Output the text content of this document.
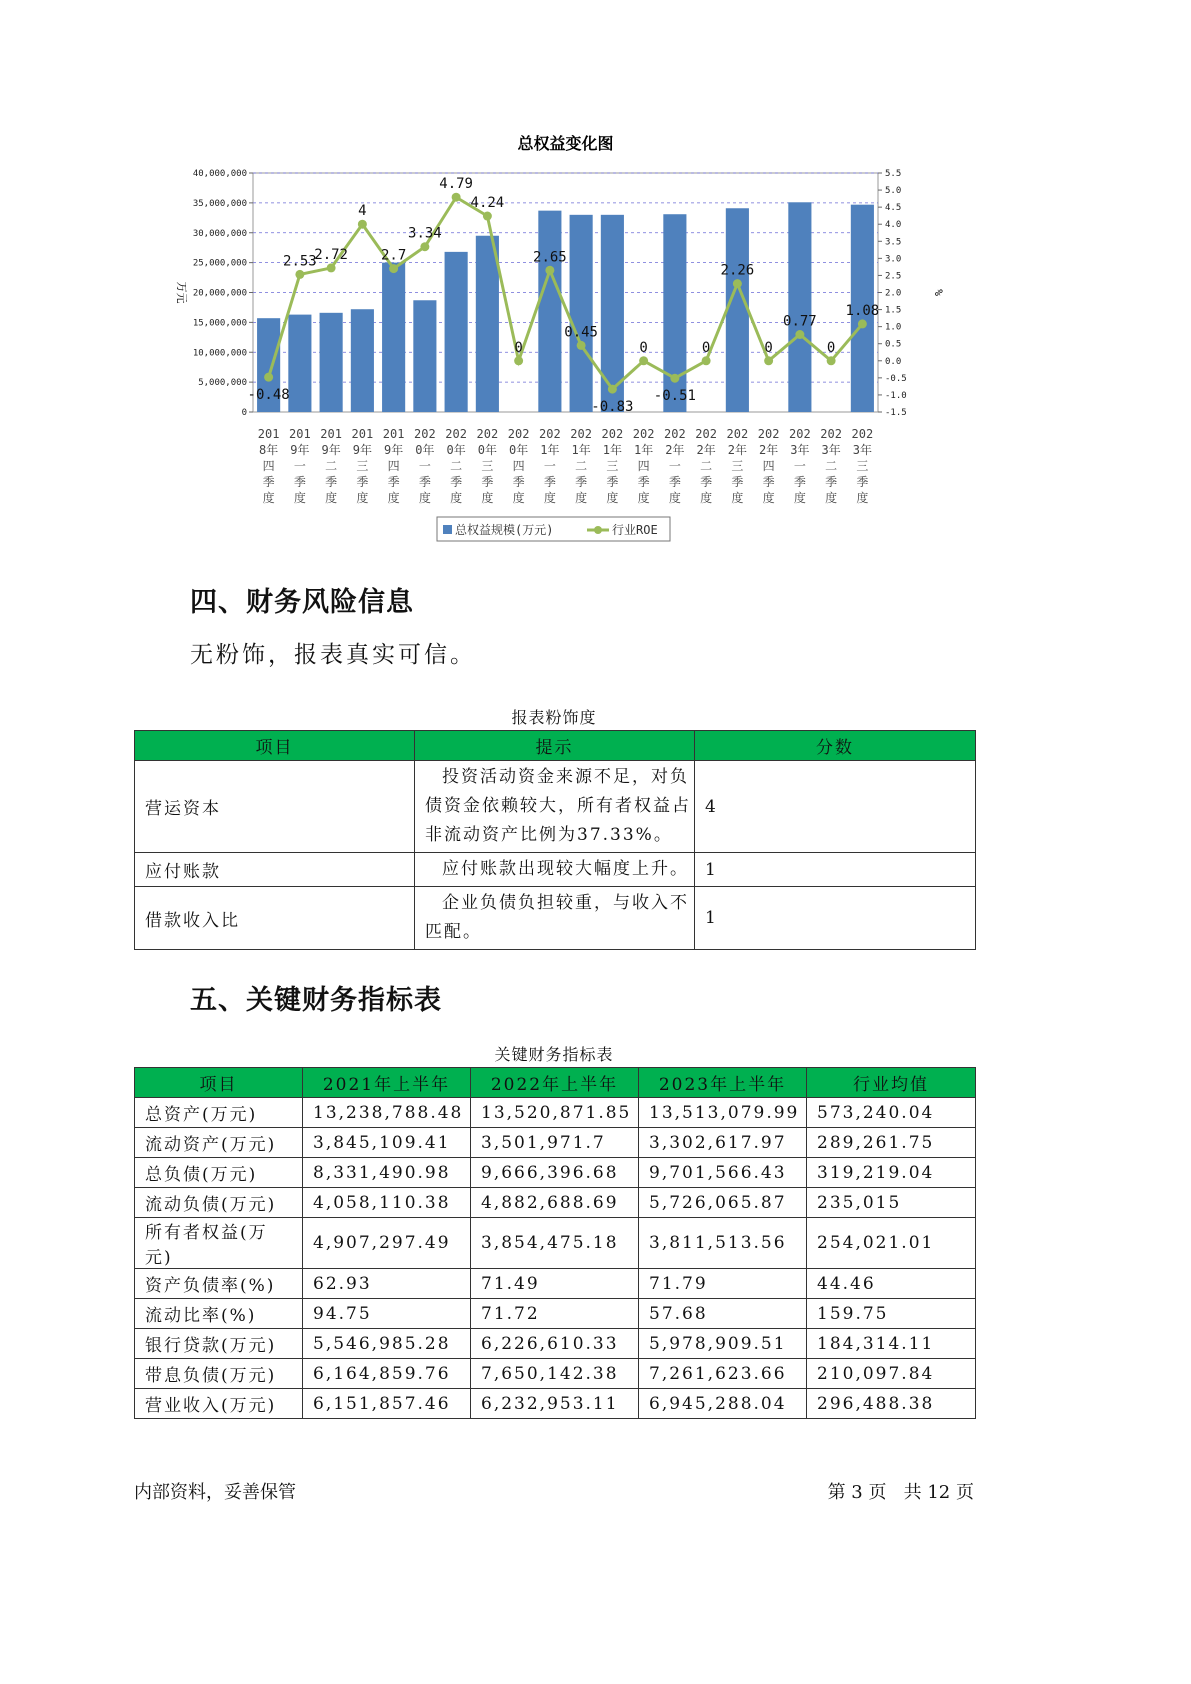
总权益变化图
0
5,000,000
10,000,000
15,000,000
20,000,000
25,000,000
30,000,000
35,000,000
40,000,000
-1.5
-1.0
-0.5
0.0
0.5
1.0
1.5
2.0
2.5
3.0
3.5
4.0
4.5
5.0
5.5
万元	%
-0.48
2.53
2.72
4
2.7
3.34
4.79
4.24
0
2.65
0.45
-0.83
0
-0.51
0
2.26
0
0.77
0
1.08
201
8年
四
季
度
201
9年
一
季
度
201
9年
二
季
度
201
9年
三
季
度
201
9年
四
季
度
202
0年
一
季
度
202
0年
二
季
度
202
0年
三
季
度
202
0年
四
季
度
202
1年
一
季
度
202
1年
二
季
度
202
1年
三
季
度
202
1年
四
季
度
202
2年
一
季
度
202
2年
二
季
度
202
2年
三
季
度
202
2年
四
季
度
202
3年
一
季
度
202
3年
二
季
度
202
3年
三
季
度
总权益规模(万元)	行业ROE
四、财务风险信息
无粉饰，报表真实可信。
报表粉饰度
项目	提示	分数
营运资本	投资活动资金来源不足，对负债资金依赖较大，所有者权益占非流动资产比例为37.33%。	4
应付账款	应付账款出现较大幅度上升。	1
借款收入比	企业负债负担较重，与收入不匹配。	1
五、关键财务指标表
关键财务指标表
项目	2021年上半年	2022年上半年	2023年上半年	行业均值
总资产(万元)	13,238,788.48	13,520,871.85	13,513,079.99	573,240.04
流动资产(万元)	3,845,109.41	3,501,971.7	3,302,617.97	289,261.75
总负债(万元)	8,331,490.98	9,666,396.68	9,701,566.43	319,219.04
流动负债(万元)	4,058,110.38	4,882,688.69	5,726,065.87	235,015
所有者权益(万元)	4,907,297.49	3,854,475.18	3,811,513.56	254,021.01
资产负债率(%)	62.93	71.49	71.79	44.46
流动比率(%)	94.75	71.72	57.68	159.75
银行贷款(万元)	5,546,985.28	6,226,610.33	5,978,909.51	184,314.11
带息负债(万元)	6,164,859.76	7,650,142.38	7,261,623.66	210,097.84
营业收入(万元)	6,151,857.46	6,232,953.11	6,945,288.04	296,488.38
内部资料，妥善保管	第 3 页   共 12 页
